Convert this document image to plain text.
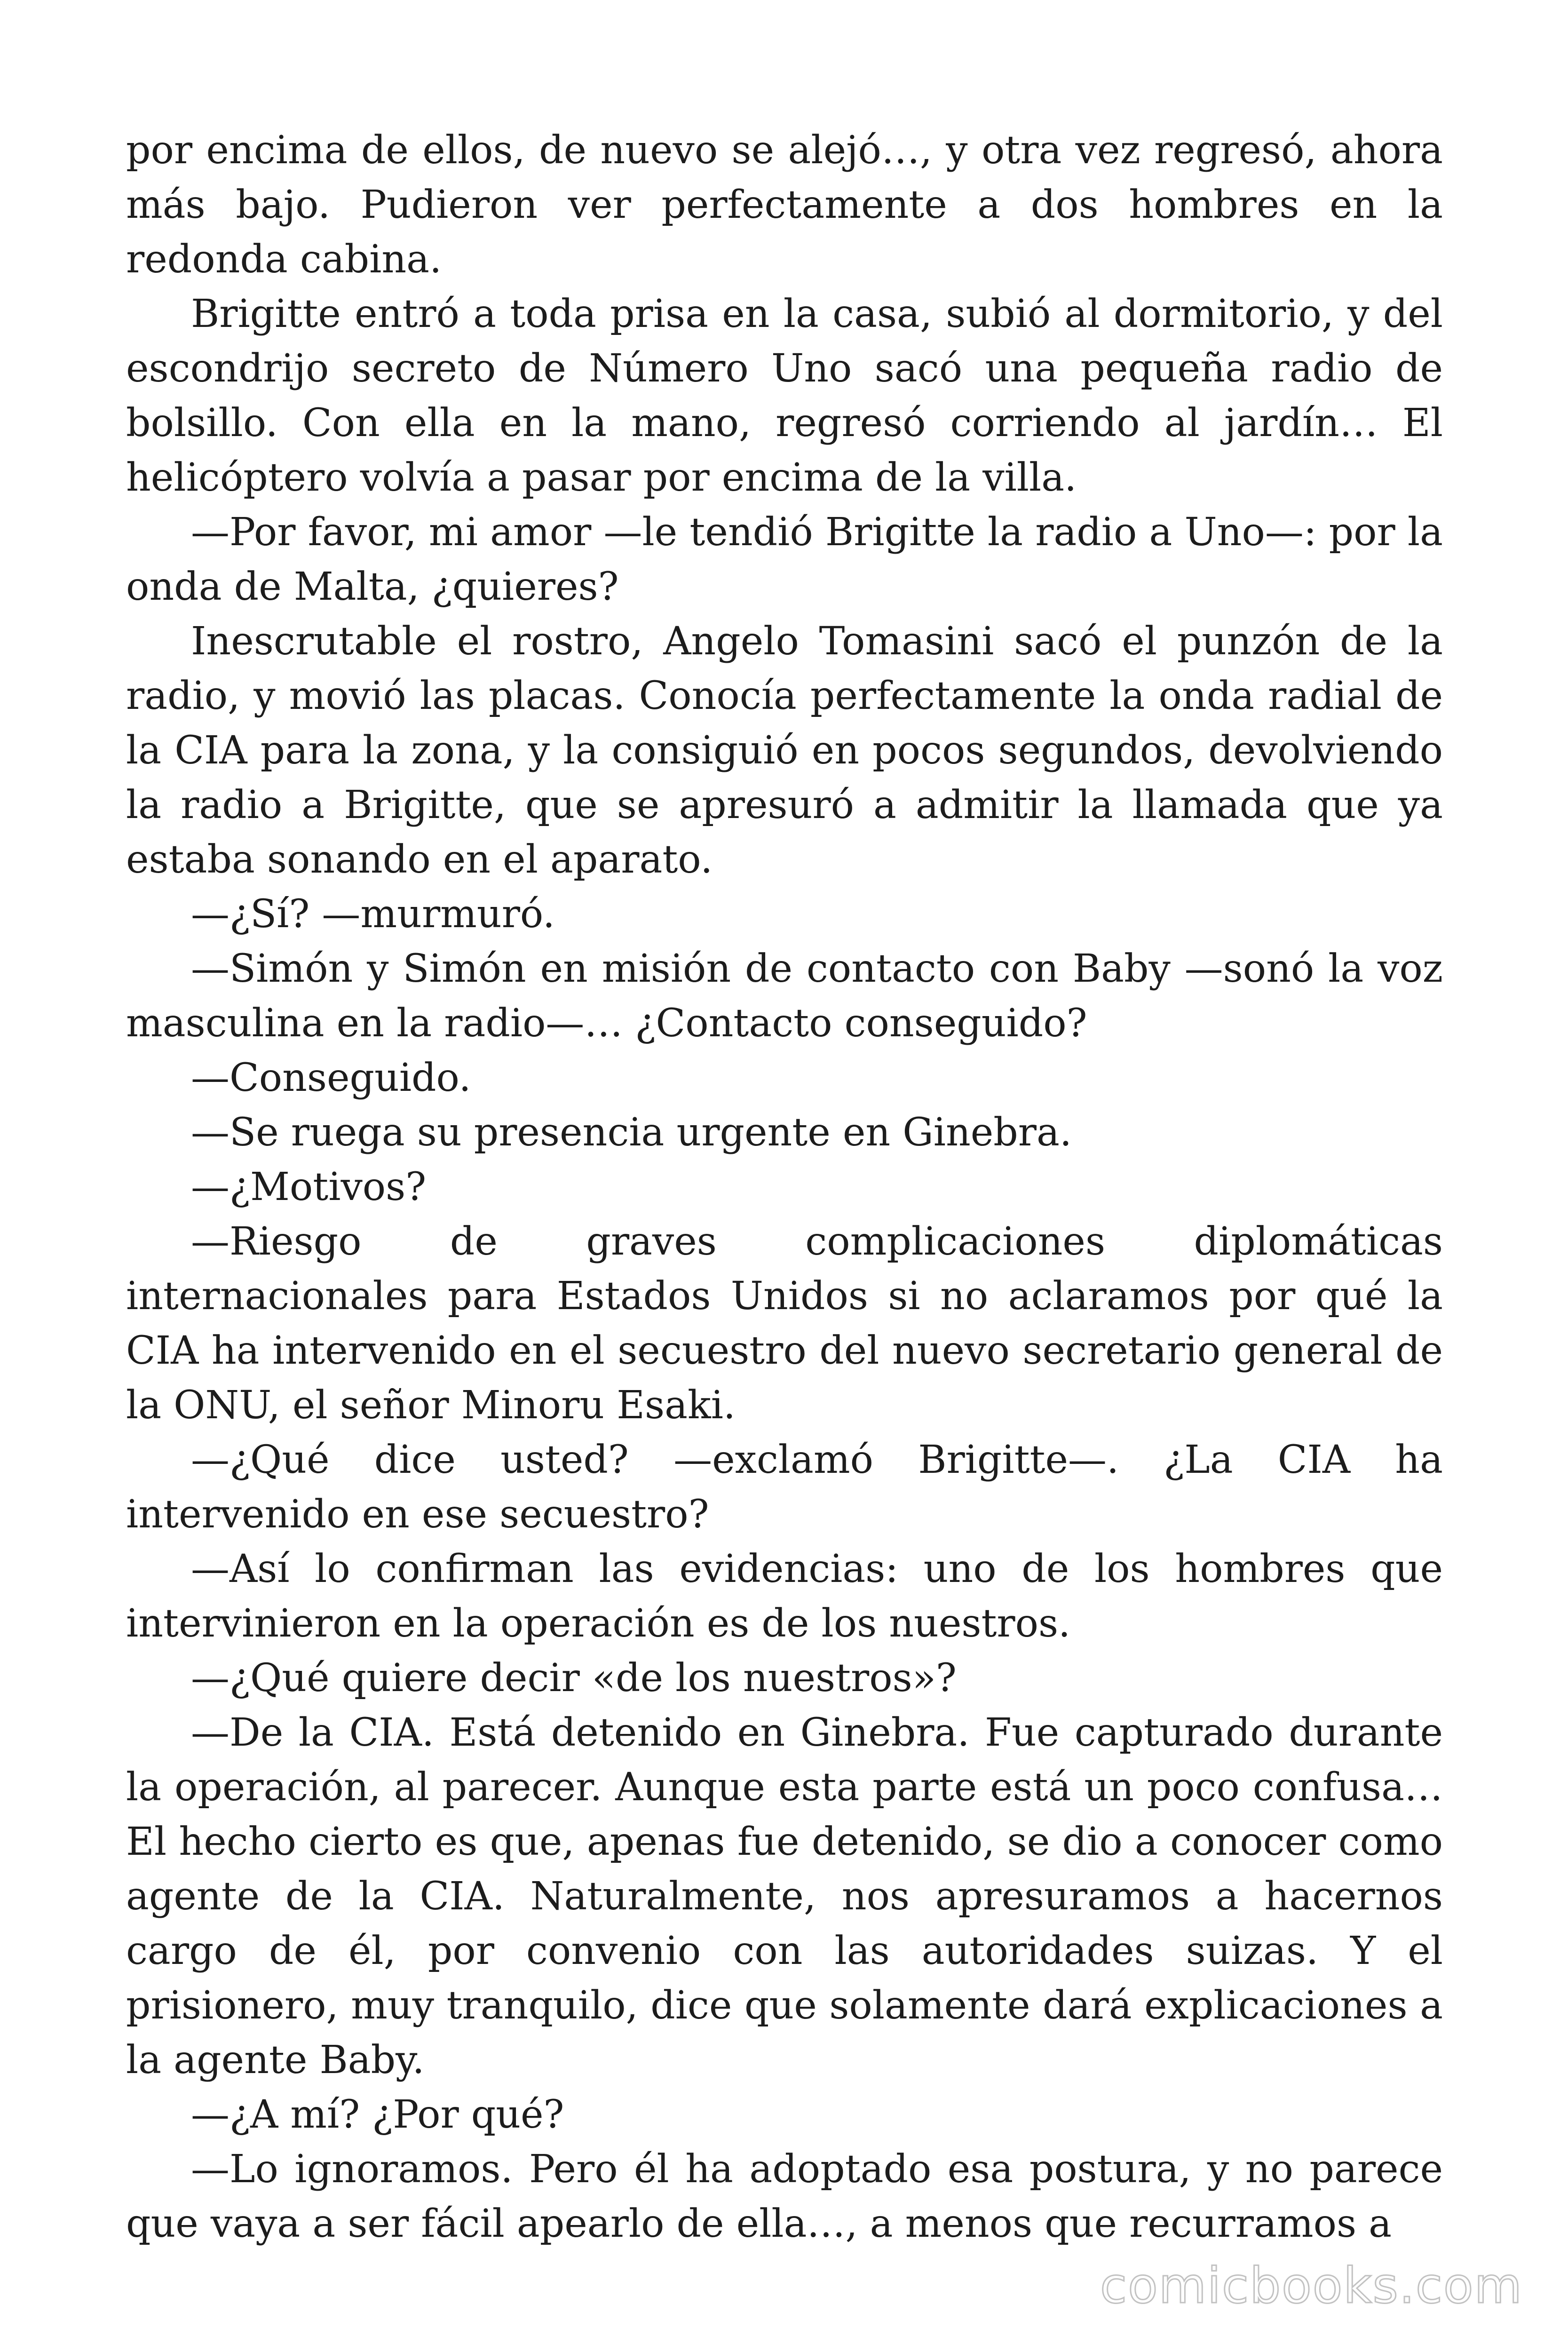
por encima de ellos, de nuevo se alejó…, y otra vez regresó, ahora más bajo. Pudieron ver perfectamente a dos hombres en la redonda cabina.

Brigitte entró a toda prisa en la casa, subió al dormitorio, y del escondrijo secreto de Número Uno sacó una pequeña radio de bolsillo. Con ella en la mano, regresó corriendo al jardín… El helicóptero volvía a pasar por encima de la villa.

—Por favor, mi amor —le tendió Brigitte la radio a Uno—: por la onda de Malta, ¿quieres?

Inescrutable el rostro, Angelo Tomasini sacó el punzón de la radio, y movió las placas. Conocía perfectamente la onda radial de la CIA para la zona, y la consiguió en pocos segundos, devolviendo la radio a Brigitte, que se apresuró a admitir la llamada que ya estaba sonando en el aparato.

—¿Sí? —murmuró.

—Simón y Simón en misión de contacto con Baby —sonó la voz masculina en la radio—… ¿Contacto conseguido?

—Conseguido.

—Se ruega su presencia urgente en Ginebra.

—¿Motivos?

—Riesgo de graves complicaciones diplomáticas internacionales para Estados Unidos si no aclaramos por qué la CIA ha intervenido en el secuestro del nuevo secretario general de la ONU, el señor Minoru Esaki.

—¿Qué dice usted? —exclamó Brigitte—. ¿La CIA ha intervenido en ese secuestro?

—Así lo confirman las evidencias: uno de los hombres que intervinieron en la operación es de los nuestros.

—¿Qué quiere decir «de los nuestros»?

—De la CIA. Está detenido en Ginebra. Fue capturado durante la operación, al parecer. Aunque esta parte está un poco confusa… El hecho cierto es que, apenas fue detenido, se dio a conocer como agente de la CIA. Naturalmente, nos apresuramos a hacernos cargo de él, por convenio con las autoridades suizas. Y el prisionero, muy tranquilo, dice que solamente dará explicaciones a la agente Baby.

—¿A mí? ¿Por qué?

—Lo ignoramos. Pero él ha adoptado esa postura, y no parece que vaya a ser fácil apearlo de ella…, a menos que recurramos a

comicbooks.com
